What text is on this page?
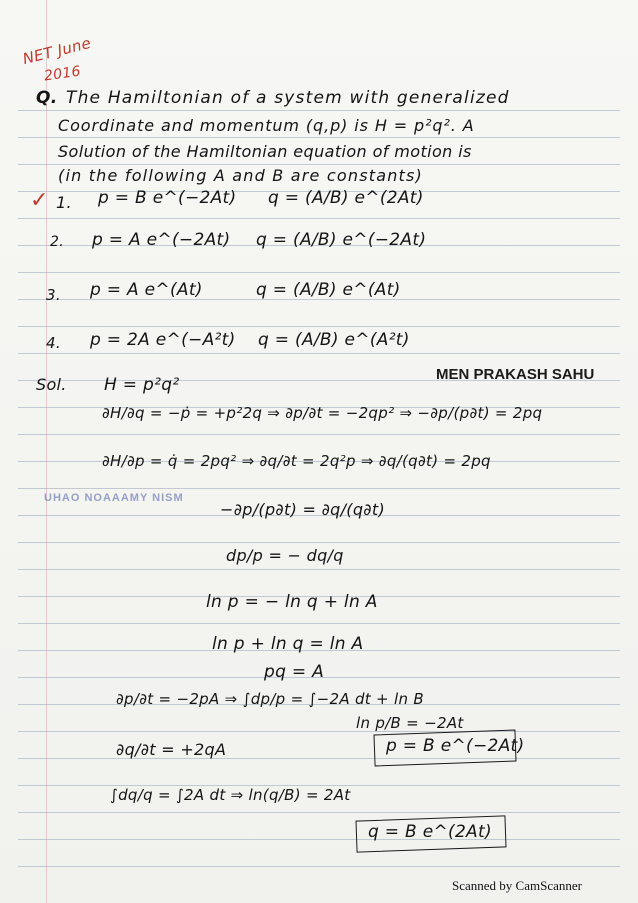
NET June
2016
Q. The Hamiltonian of a system with generalized
Coordinate and momentum (q,p) is H = p²q². A
Solution of the Hamiltonian equation of motion is
(in the following A and B are constants)
✓ 1. p = B e^(−2At) q = (A/B) e^(2At)
2. p = A e^(−2At) q = (A/B) e^(−2At)
3. p = A e^(At)	q = (A/B) e^(At)
4. p = 2A e^(−A²t) q = (A/B) e^(A²t)
Sol. H = p²q²
MEN PRAKASH SAHU
∂H/∂q = −ṗ = +p²2q ⇒ ∂p/∂t = −2qp² ⇒ −∂p/(p∂t) = 2pq
∂H/∂p = q̇ = 2pq² ⇒ ∂q/∂t = 2q²p ⇒ ∂q/(q∂t) = 2pq
UHAO NOAAAMY NISM
−∂p/(p∂t) = ∂q/(q∂t)
dp/p = − dq/q
ln p = − ln q + ln A
ln p + ln q = ln A
pq = A
∂p/∂t = −2pA ⇒ ∫dp/p = ∫−2A dt + ln B
ln p/B = −2At
p = B e^(−2At)
∂q/∂t = +2qA
∫dq/q = ∫2A dt ⇒ ln(q/B) = 2At
q = B e^(2At)
Scanned by CamScanner
